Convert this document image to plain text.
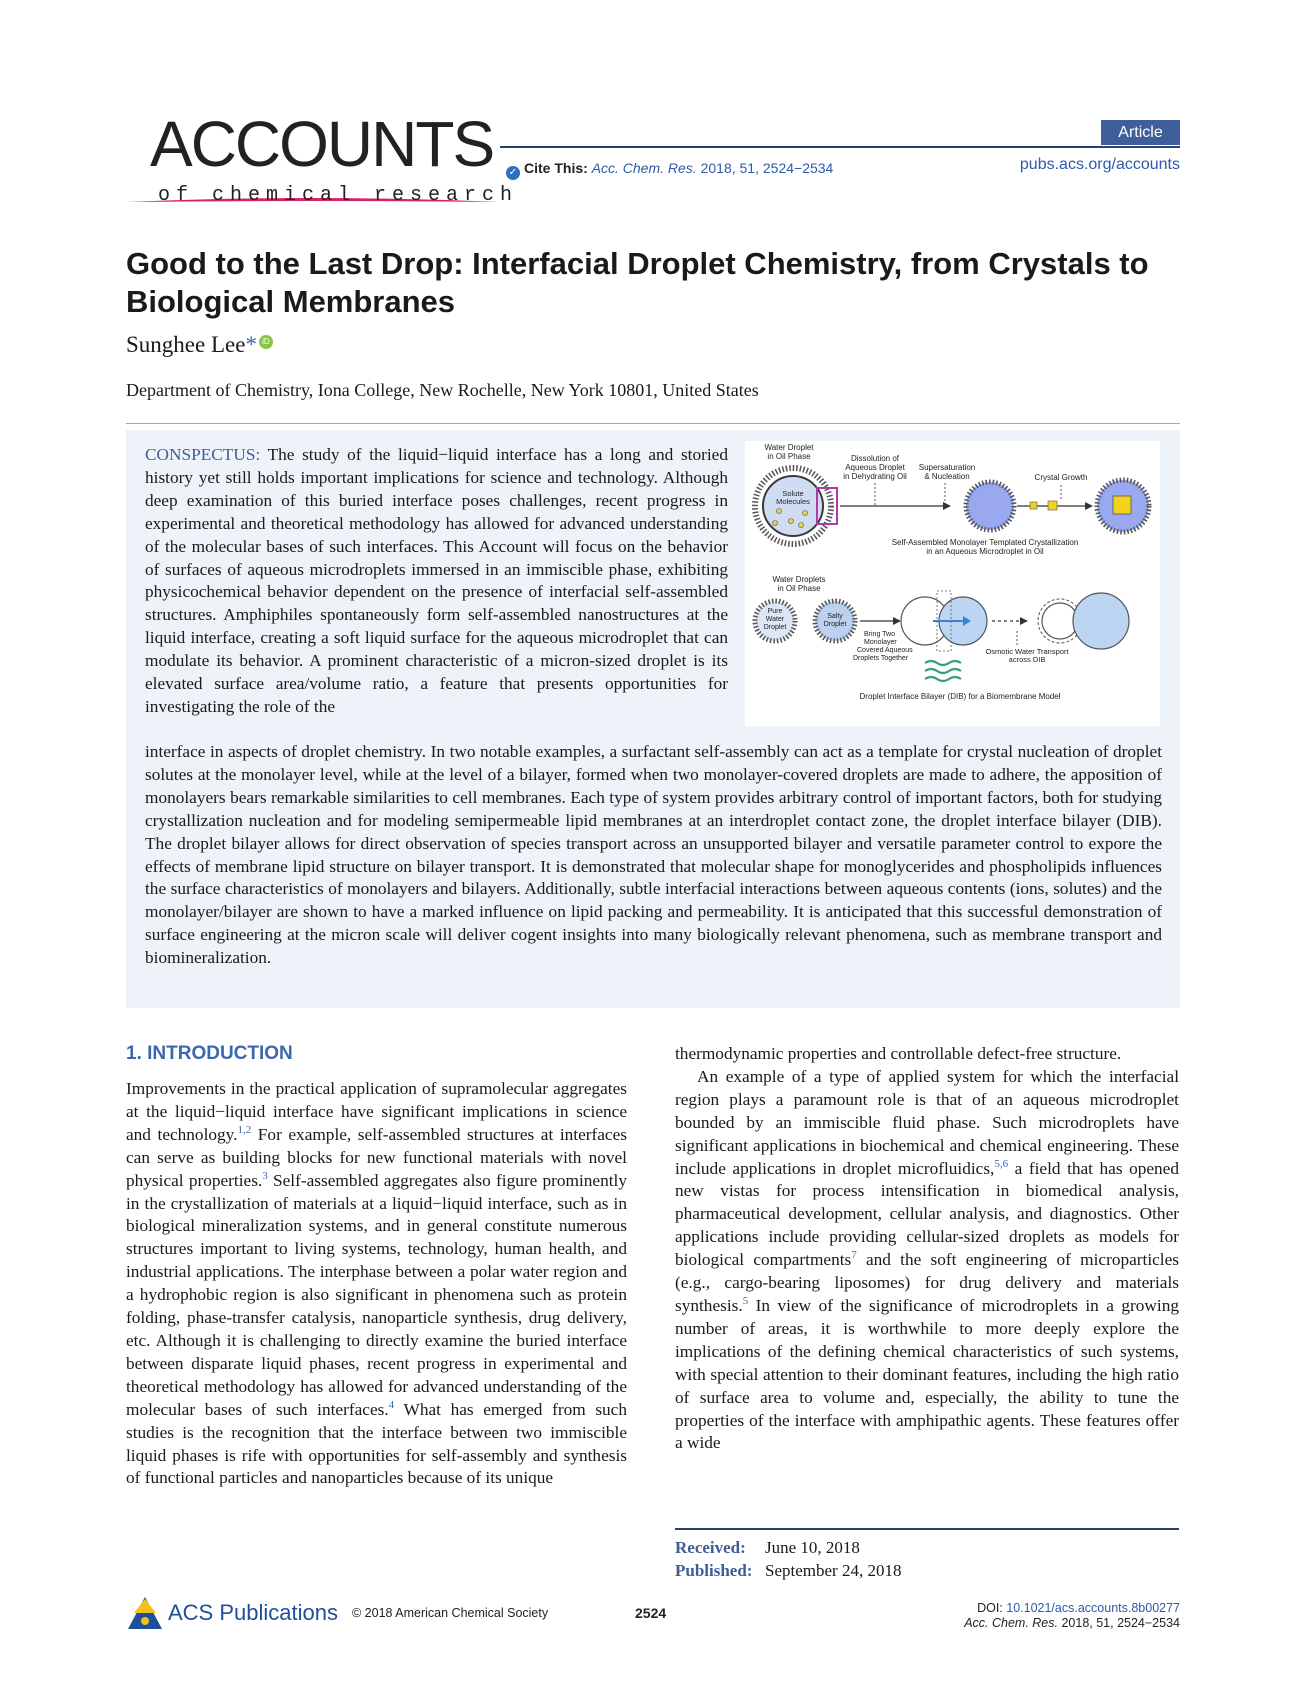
ACCOUNTS
of chemical research
Article
✓ Cite This: Acc. Chem. Res. 2018, 51, 2524−2534	pubs.acs.org/accounts
Good to the Last Drop: Interfacial Droplet Chemistry, from Crystals to Biological Membranes
Sunghee Lee* iD
Department of Chemistry, Iona College, New Rochelle, New York 10801, United States
CONSPECTUS: The study of the liquid−liquid interface has a long and storied history yet still holds important implications for science and technology. Although deep examination of this buried interface poses challenges, recent progress in experimental and theoretical methodology has allowed for advanced understanding of the molecular bases of such interfaces. This Account will focus on the behavior of surfaces of aqueous microdroplets immersed in an immiscible phase, exhibiting physicochemical behavior dependent on the presence of interfacial self-assembled structures. Amphiphiles spontaneously form self-assembled nanostructures at the liquid interface, creating a soft liquid surface for the aqueous microdroplet that can modulate its behavior. A prominent characteristic of a micron-sized droplet is its elevated surface area/volume ratio, a feature that presents opportunities for investigating the role of the
interface in aspects of droplet chemistry. In two notable examples, a surfactant self-assembly can act as a template for crystal nucleation of droplet solutes at the monolayer level, while at the level of a bilayer, formed when two monolayer-covered droplets are made to adhere, the apposition of monolayers bears remarkable similarities to cell membranes. Each type of system provides arbitrary control of important factors, both for studying crystallization nucleation and for modeling semipermeable lipid membranes at an interdroplet contact zone, the droplet interface bilayer (DIB). The droplet bilayer allows for direct observation of species transport across an unsupported bilayer and versatile parameter control to expore the effects of membrane lipid structure on bilayer transport. It is demonstrated that molecular shape for monoglycerides and phospholipids influences the surface characteristics of monolayers and bilayers. Additionally, subtle interfacial interactions between aqueous contents (ions, solutes) and the monolayer/bilayer are shown to have a marked influence on lipid packing and permeability. It is anticipated that this successful demonstration of surface engineering at the micron scale will deliver cogent insights into many biologically relevant phenomena, such as membrane transport and biomineralization.
Water Droplet in Oil Phase	Dissolution of Aqueous Droplet in Dehydrating Oil
Supersaturation & Nucleation	Crystal Growth
Solute Molecules
Self-Assembled Monolayer Templated Crystallization in an Aqueous Microdroplet in Oil
Water Droplets in Oil Phase
Pure Water Droplet
Salty Droplet
Bring Two Monolayer Covered Aqueous Droplets Together
Osmotic Water Transport across DIB
Droplet Interface Bilayer (DIB) for a Biomembrane Model
1. INTRODUCTION

Improvements in the practical application of supramolecular aggregates at the liquid−liquid interface have significant implications in science and technology.$^{1,2}$ For example, self-assembled structures at interfaces can serve as building blocks for new functional materials with novel physical properties.$^3$ Self-assembled aggregates also figure prominently in the crystallization of materials at a liquid−liquid interface, such as in biological mineralization systems, and in general constitute numerous structures important to living systems, technology, human health, and industrial applications. The interphase between a polar water region and a hydrophobic region is also significant in phenomena such as protein folding, phase-transfer catalysis, nanoparticle synthesis, drug delivery, etc. Although it is challenging to directly examine the buried interface between disparate liquid phases, recent progress in experimental and theoretical methodology has allowed for advanced understanding of the molecular bases of such interfaces.$^4$ What has emerged from such studies is the recognition that the interface between two immiscible liquid phases is rife with opportunities for self-assembly and synthesis of functional particles and nanoparticles because of its unique

thermodynamic properties and controllable defect-free structure.

An example of a type of applied system for which the interfacial region plays a paramount role is that of an aqueous microdroplet bounded by an immiscible fluid phase. Such microdroplets have significant applications in biochemical and chemical engineering. These include applications in droplet microfluidics,$^{5,6}$ a field that has opened new vistas for process intensification in biomedical analysis, pharmaceutical development, cellular analysis, and diagnostics. Other applications include providing cellular-sized droplets as models for biological compartments$^7$ and the soft engineering of microparticles (e.g., cargo-bearing liposomes) for drug delivery and materials synthesis.$^5$ In view of the significance of microdroplets in a growing number of areas, it is worthwhile to more deeply explore the implications of the defining chemical characteristics of such systems, with special attention to their dominant features, including the high ratio of surface area to volume and, especially, the ability to tune the properties of the interface with amphipathic agents. These features offer a wide

Received: June 10, 2018
Published: September 24, 2018
ACS Publications © 2018 American Chemical Society	2524	DOI: 10.1021/acs.accounts.8b00277
Acc. Chem. Res. 2018, 51, 2524−2534
